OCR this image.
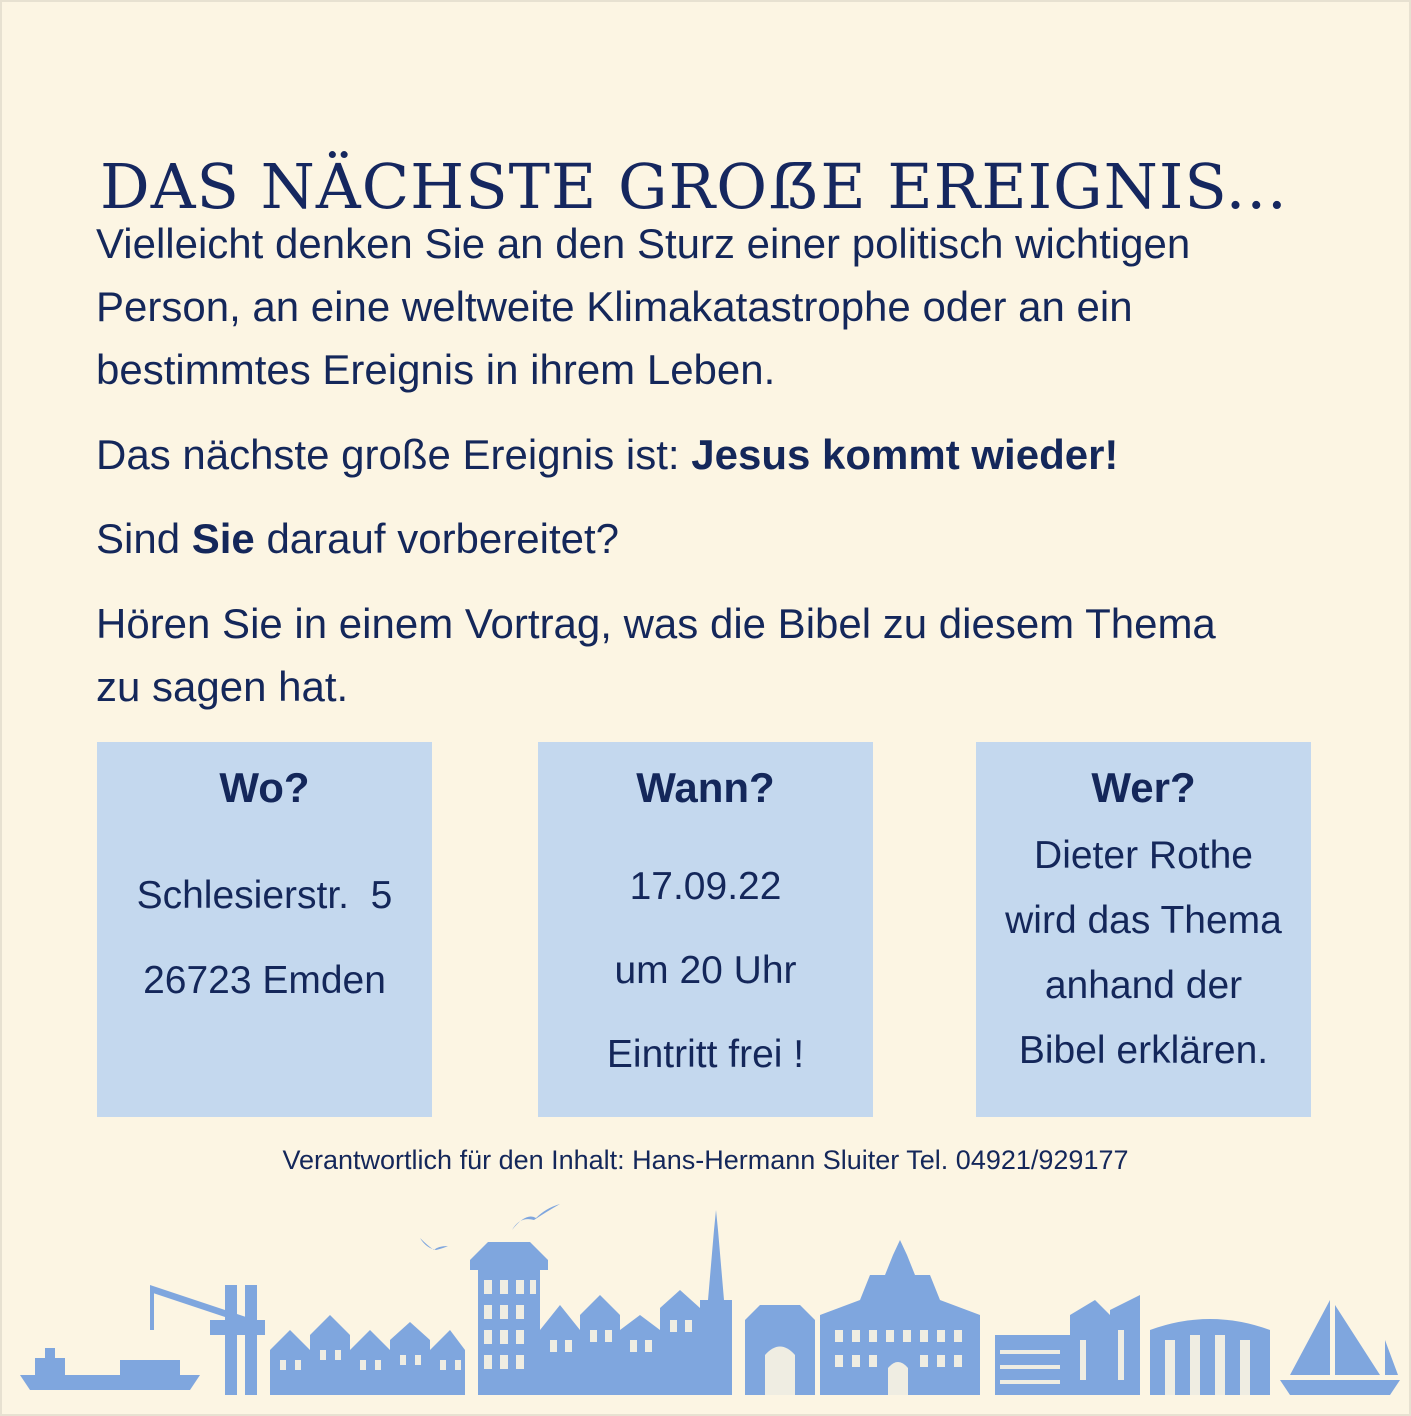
DAS NÄCHSTE GROẞE EREIGNIS...

Vielleicht denken Sie an den Sturz einer politisch wichtigen
Person, an eine weltweite Klimakatastrophe oder an ein
bestimmtes Ereignis in ihrem Leben.

Das nächste große Ereignis ist: Jesus kommt wieder!

Sind Sie darauf vorbereitet?

Hören Sie in einem Vortrag, was die Bibel zu diesem Thema
zu sagen hat.

Wo?
Schlesierstr.  5
26723 Emden
Wann?
17.09.22
um 20 Uhr
Eintritt frei !
Wer?
Dieter Rothe
wird das Thema
anhand der
Bibel erklären.
Verantwortlich für den Inhalt: Hans-Hermann Sluiter Tel. 04921/929177
